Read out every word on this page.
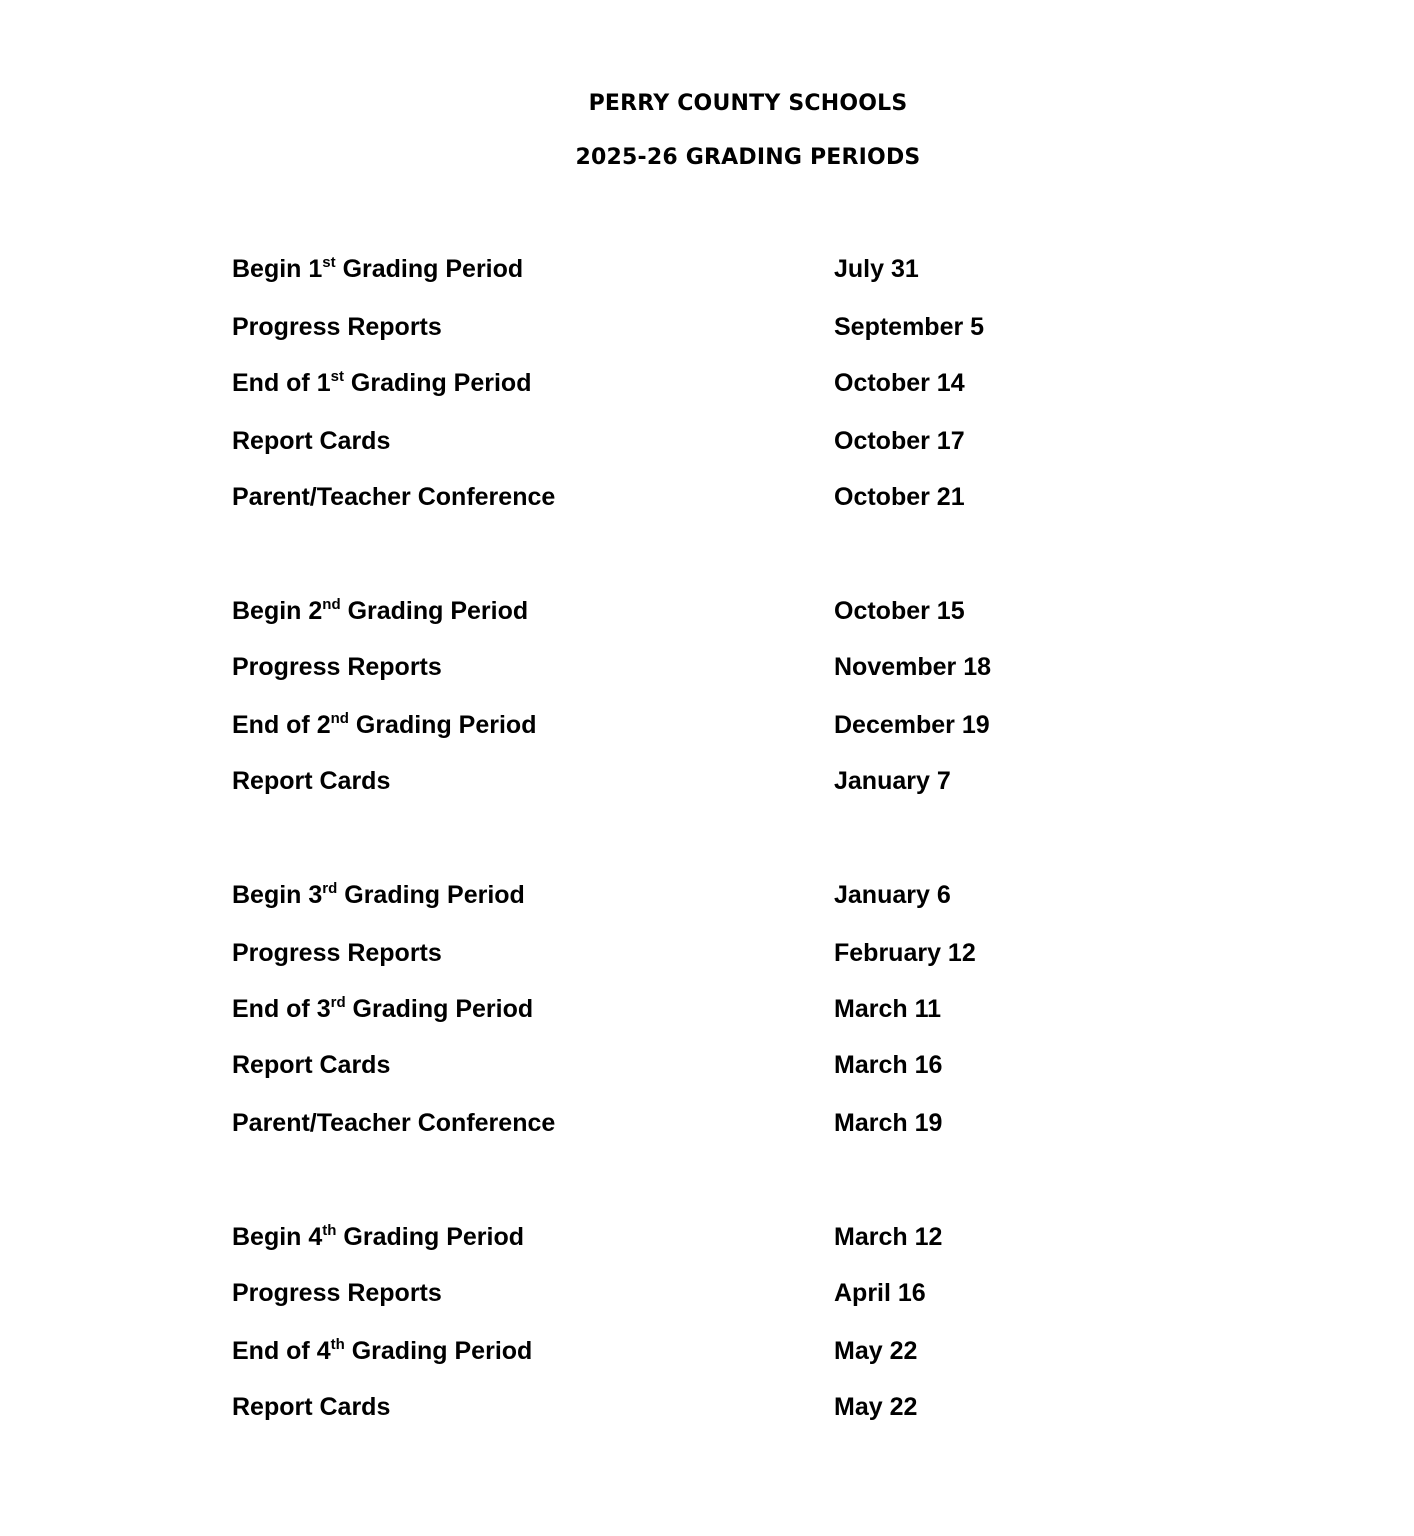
PERRY COUNTY SCHOOLS
2025-26 GRADING PERIODS
Begin 1st Grading Period	July 31
Progress Reports	September 5
End of 1st Grading Period	October 14
Report Cards	October 17
Parent/Teacher Conference	October 21
Begin 2nd Grading Period	October 15
Progress Reports	November 18
End of 2nd Grading Period	December 19
Report Cards	January 7
Begin 3rd Grading Period	January 6
Progress Reports	February 12
End of 3rd Grading Period	March 11
Report Cards	March 16
Parent/Teacher Conference	March 19
Begin 4th Grading Period	March 12
Progress Reports	April 16
End of 4th Grading Period	May 22
Report Cards	May 22
